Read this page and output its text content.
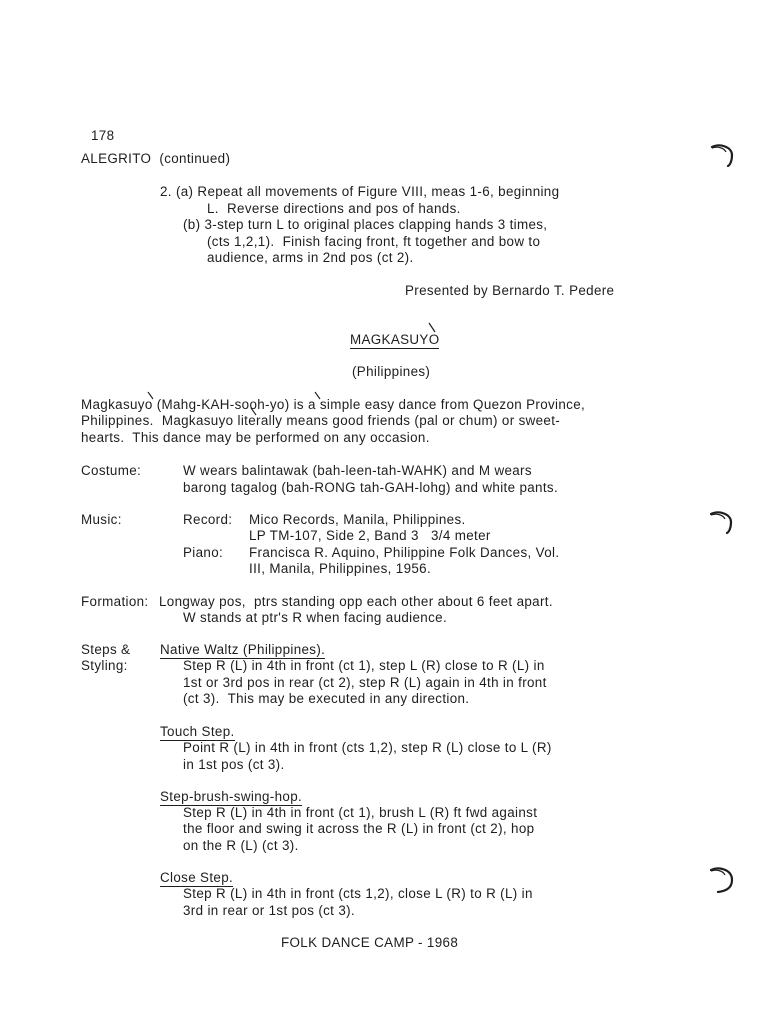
178
ALEGRITO  (continued)
2. (a) Repeat all movements of Figure VIII, meas 1-6, beginning
L.  Reverse directions and pos of hands.
(b) 3-step turn L to original places clapping hands 3 times,
(cts 1,2,1).  Finish facing front, ft together and bow to
audience, arms in 2nd pos (ct 2).
Presented by Bernardo T. Pedere
MAGKASUYO
(Philippines)
Magkasuyo (Mahg-KAH-sooh-yo) is a simple easy dance from Quezon Province,
Philippines.  Magkasuyo literally means good friends (pal or chum) or sweet-
hearts.  This dance may be performed on any occasion.
Costume:	W wears balintawak (bah-leen-tah-WAHK) and M wears
barong tagalog (bah-RONG tah-GAH-lohg) and white pants.
Music:	Record: Mico Records, Manila, Philippines.
LP TM-107, Side 2, Band 3   3/4 meter
Piano: Francisca R. Aquino, Philippine Folk Dances, Vol.
III, Manila, Philippines, 1956.
Formation: Longway pos,  ptrs standing opp each other about 6 feet apart.
W stands at ptr's R when facing audience.
Steps &
Styling:
Native Waltz (Philippines).
Step R (L) in 4th in front (ct 1), step L (R) close to R (L) in
1st or 3rd pos in rear (ct 2), step R (L) again in 4th in front
(ct 3).  This may be executed in any direction.
Touch Step.
Point R (L) in 4th in front (cts 1,2), step R (L) close to L (R)
in 1st pos (ct 3).
Step-brush-swing-hop.
Step R (L) in 4th in front (ct 1), brush L (R) ft fwd against
the floor and swing it across the R (L) in front (ct 2), hop
on the R (L) (ct 3).
Close Step.
Step R (L) in 4th in front (cts 1,2), close L (R) to R (L) in
3rd in rear or 1st pos (ct 3).
FOLK DANCE CAMP - 1968
